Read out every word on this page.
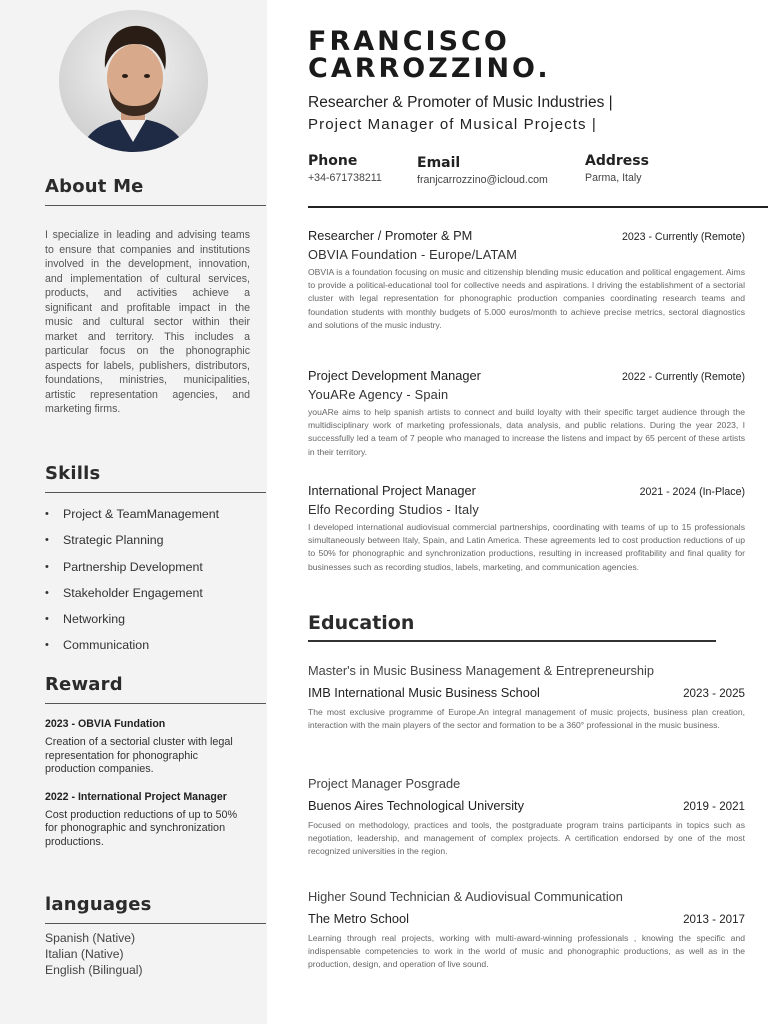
About Me
I specialize in leading and advising teams to ensure that companies and institutions involved in the development, innovation, and implementation of cultural services, products, and activities achieve a significant and profitable impact in the music and cultural sector within their market and territory. This includes a particular focus on the phonographic aspects for labels, publishers, distributors, foundations, ministries, municipalities, artistic representation agencies, and marketing firms.
Skills
• Project & TeamManagement
• Strategic Planning
• Partnership Development
• Stakeholder Engagement
• Networking
• Communication
Reward

2023 - OBVIA Fundation

Creation of a sectorial cluster with legal representation for phonographic production companies.

2022 - International Project Manager

Cost production reductions of up to 50% for phonographic and synchronization productions.
languages
Spanish (Native)
Italian (Native)
English (Bilingual)
FRANCISCO
CARROZZINO.
Researcher & Promoter of Music Industries |
Project Manager of Musical Projects |
Phone
+34-671738211
Email
franjcarrozzino@icloud.com
Address
Parma, Italy
Researcher / Promoter & PM	2023 - Currently (Remote)
OBVIA Foundation - Europe/LATAM
OBVIA is a foundation focusing on music and citizenship blending music education and political engagement. Aims to provide a political-educational tool for collective needs and aspirations. I driving the establishment of a sectorial cluster with legal representation for phonographic production companies coordinating research teams and foundation students with monthly budgets of 5.000 euros/month to achieve precise metrics, sectoral diagnostics and solutions of the music industry.
Project Development Manager	2022 - Currently (Remote)
YouARe Agency - Spain
youARe aims to help spanish artists to connect and build loyalty with their specific target audience through the multidisciplinary work of marketing professionals, data analysis, and public relations. During the year 2023, I successfully led a team of 7 people who managed to increase the listens and impact by 65 percent of these artists in their territory.
International Project Manager	2021 - 2024 (In-Place)
Elfo Recording Studios - Italy
I developed international audiovisual commercial partnerships, coordinating with teams of up to 15 professionals simultaneously between Italy, Spain, and Latin America. These agreements led to cost production reductions of up to 50% for phonographic and synchronization productions, resulting in increased profitability and final quality for businesses such as recording studios, labels, marketing, and communication agencies.
Education
Master's in Music Business Management & Entrepreneurship
IMB International Music Business School	2023 - 2025
The most exclusive programme of Europe.An integral management of music projects, business plan creation, interaction with the main players of the sector and formation to be a 360° professional in the music business.
Project Manager Posgrade
Buenos Aires Technological University	2019 - 2021
Focused on methodology, practices and tools, the postgraduate program trains participants in topics such as negotiation, leadership, and management of complex projects. A certification endorsed by one of the most recognized universities in the region.
Higher Sound Technician & Audiovisual Communication
The Metro School	2013 - 2017
Learning through real projects, working with multi-award-winning professionals , knowing the specific and indispensable competencies to work in the world of music and phonographic productions, as well as in the production, design, and operation of live sound.
